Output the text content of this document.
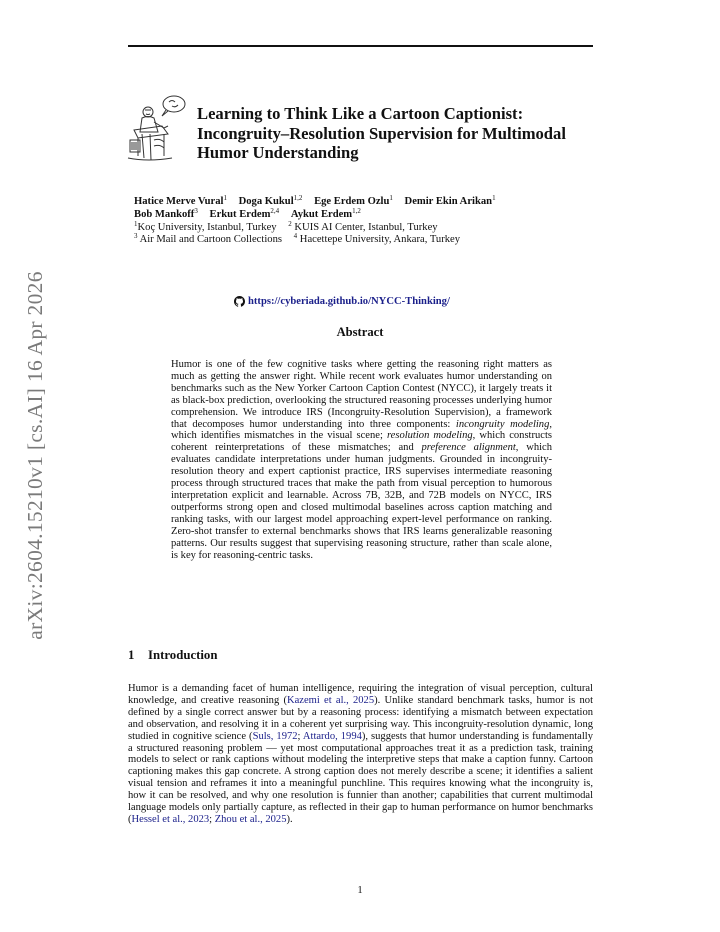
arXiv:2604.15210v1 [cs.AI] 16 Apr 2026
Learning to Think Like a Cartoon Captionist:
Incongruity–Resolution Supervision for Multimodal
Humor Understanding
Hatice Merve Vural$^1$ Doga Kukul$^{1,2}$ Ege Erdem Ozlu$^1$ Demir Ekin Arikan$^1$
Bob Mankoff$^3$ Erkut Erdem$^{2,4}$ Aykut Erdem$^{1,2}$
$^1$Koç University, Istanbul, Turkey $^2$ KUIS AI Center, Istanbul, Turkey
$^3$ Air Mail and Cartoon Collections $^4$ Hacettepe University, Ankara, Turkey
https://cyberiada.github.io/NYCC-Thinking/
Abstract
Humor is one of the few cognitive tasks where getting the reasoning right matters as much as getting the answer right. While recent work evaluates humor understanding on benchmarks such as the New Yorker Cartoon Caption Contest (NYCC), it largely treats it as black-box prediction, overlooking the structured reasoning processes underlying humor comprehension. We introduce IRS (Incongruity-Resolution Supervision), a framework that decomposes humor understanding into three components: incongruity modeling, which identifies mismatches in the visual scene; resolution modeling, which constructs coherent reinterpretations of these mismatches; and preference alignment, which evaluates candidate interpretations under human judgments. Grounded in incongruity-resolution theory and expert captionist practice, IRS supervises intermediate reasoning process through structured traces that make the path from visual perception to humorous interpretation explicit and learnable. Across 7B, 32B, and 72B models on NYCC, IRS outperforms strong open and closed multimodal baselines across caption matching and ranking tasks, with our largest model approaching expert-level performance on ranking. Zero-shot transfer to external benchmarks shows that IRS learns generalizable reasoning patterns. Our results suggest that supervising reasoning structure, rather than scale alone, is key for reasoning-centric tasks.
1 Introduction
Humor is a demanding facet of human intelligence, requiring the integration of visual perception, cultural knowledge, and creative reasoning (Kazemi et al., 2025). Unlike standard benchmark tasks, humor is not defined by a single correct answer but by a reasoning process: identifying a mismatch between expectation and observation, and resolving it in a coherent yet surprising way. This incongruity-resolution dynamic, long studied in cognitive science (Suls, 1972; Attardo, 1994), suggests that humor understanding is fundamentally a structured reasoning problem — yet most computational approaches treat it as a prediction task, training models to select or rank captions without modeling the interpretive steps that make a caption funny. Cartoon captioning makes this gap concrete. A strong caption does not merely describe a scene; it identifies a salient visual tension and reframes it into a meaningful punchline. This requires knowing what the incongruity is, how it can be resolved, and why one resolution is funnier than another; capabilities that current multimodal language models only partially capture, as reflected in their gap to human performance on humor benchmarks (Hessel et al., 2023; Zhou et al., 2025).
1
